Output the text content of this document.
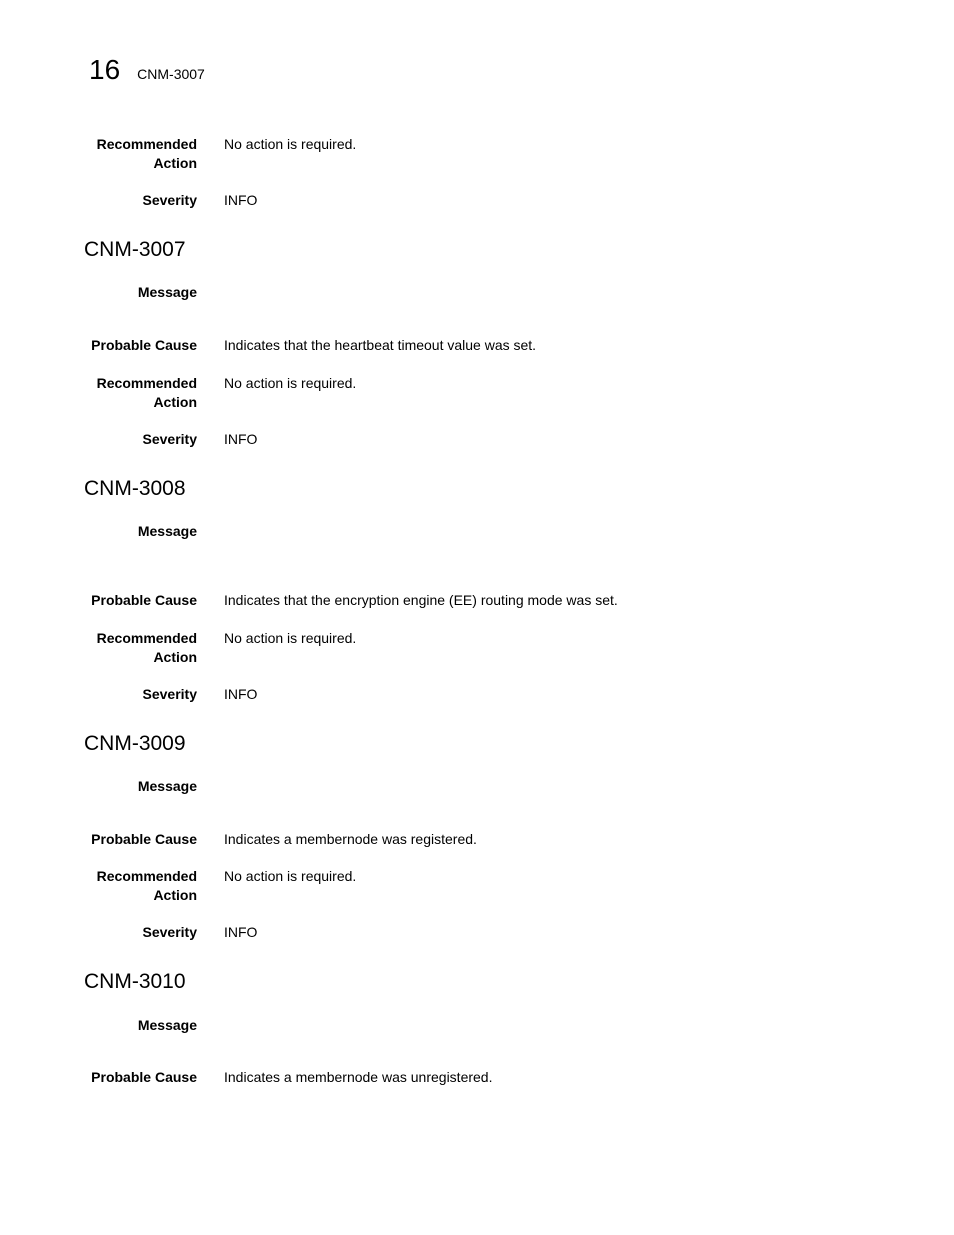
16 CNM-3007
Recommended
Action
No action is required.
Severity INFO
CNM-3007
Message
Probable Cause Indicates that the heartbeat timeout value was set.
Recommended
Action
No action is required.
Severity INFO
CNM-3008
Message
Probable Cause Indicates that the encryption engine (EE) routing mode was set.
Recommended
Action
No action is required.
Severity INFO
CNM-3009
Message
Probable Cause Indicates a membernode was registered.
Recommended
Action
No action is required.
Severity INFO
CNM-3010
Message
Probable Cause Indicates a membernode was unregistered.
